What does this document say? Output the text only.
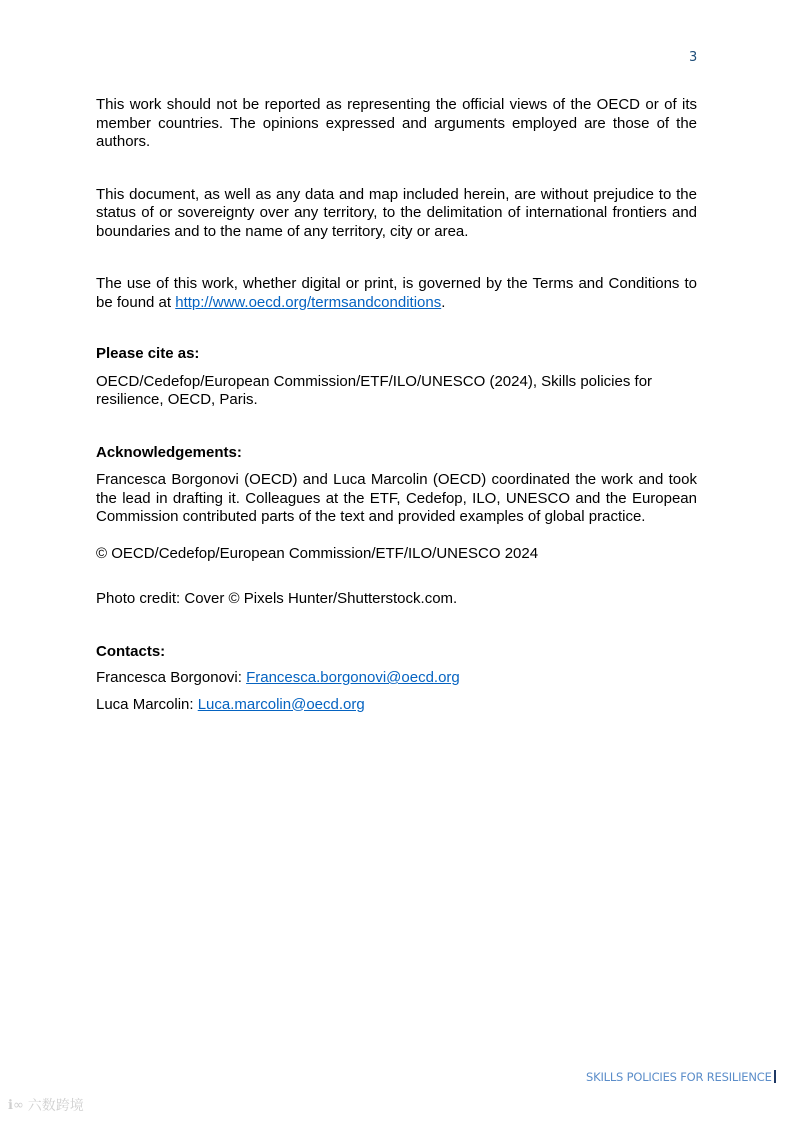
3

This work should not be reported as representing the official views of the OECD or of its member countries. The opinions expressed and arguments employed are those of the authors.

This document, as well as any data and map included herein, are without prejudice to the status of or sovereignty over any territory, to the delimitation of international frontiers and boundaries and to the name of any territory, city or area.

The use of this work, whether digital or print, is governed by the Terms and Conditions to be found at http://www.oecd.org/termsandconditions.

Please cite as:

OECD/Cedefop/European Commission/ETF/ILO/UNESCO (2024), Skills policies for resilience, OECD, Paris.

Acknowledgements:

Francesca Borgonovi (OECD) and Luca Marcolin (OECD) coordinated the work and took the lead in drafting it. Colleagues at the ETF, Cedefop, ILO, UNESCO and the European Commission contributed parts of the text and provided examples of global practice.

© OECD/Cedefop/European Commission/ETF/ILO/UNESCO 2024

Photo credit: Cover © Pixels Hunter/Shutterstock.com.

Contacts:

Francesca Borgonovi: Francesca.borgonovi@oecd.org

Luca Marcolin: Luca.marcolin@oecd.org

SKILLS POLICIES FOR RESILIENCE
ℹ︎∞ 六数跨境
